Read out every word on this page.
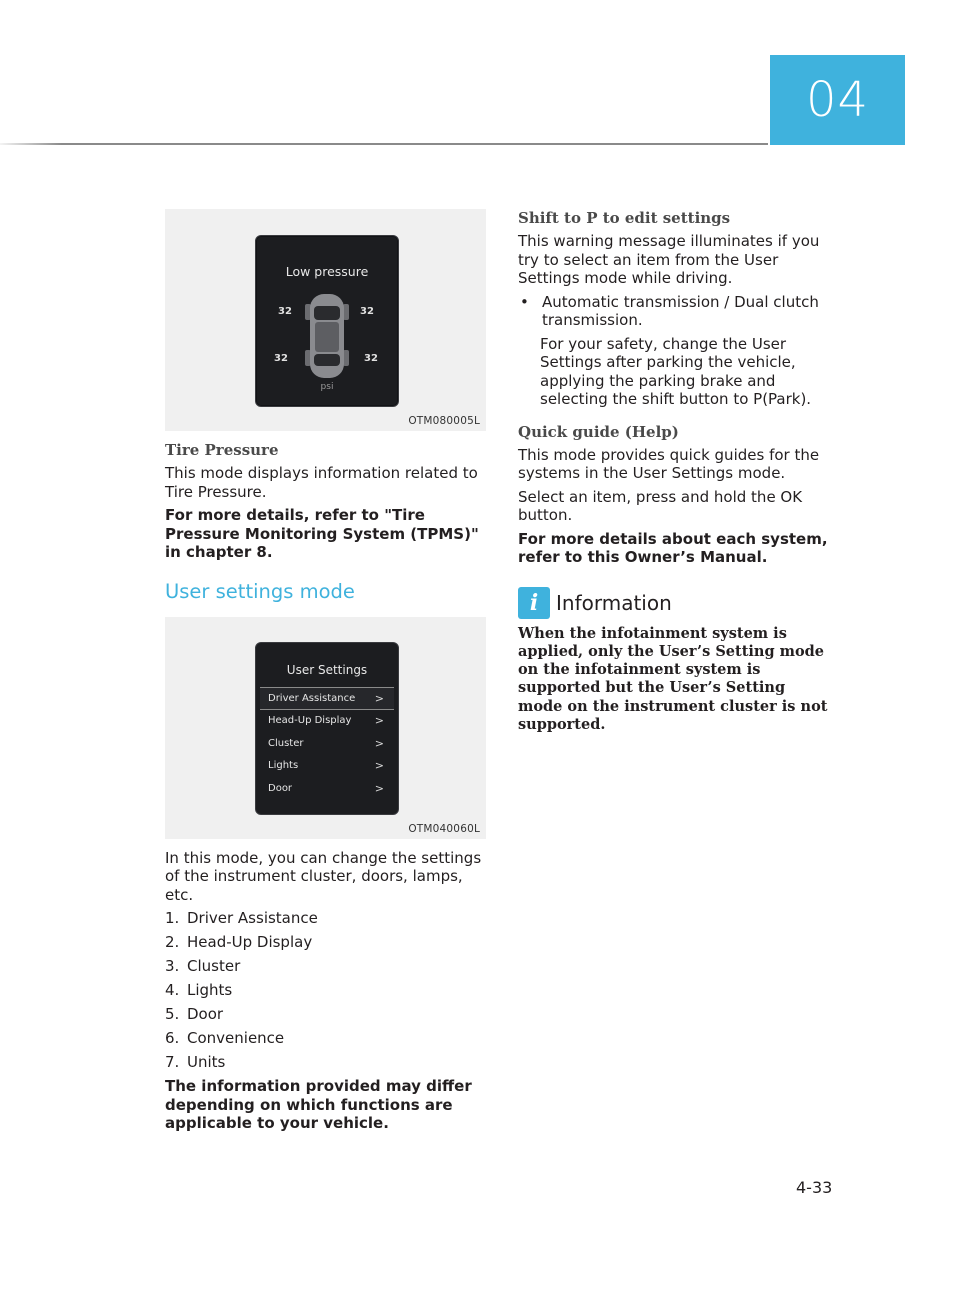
04
Low pressure
32	32
32	32
psi
OTM080005L
Tire Pressure

This mode displays information related to Tire Pressure.

For more details, refer to "Tire Pressure Monitoring System (TPMS)" in chapter 8.

User settings mode
User Settings
Driver Assistance >
Head-Up Display >
Cluster	>
Lights	>
Door	>
OTM040060L

In this mode, you can change the settings of the instrument cluster, doors, lamps, etc.

1. Driver Assistance
2. Head-Up Display
3. Cluster
4. Lights
5. Door
6. Convenience
7. Units

The information provided may differ depending on which functions are applicable to your vehicle.

Shift to P to edit settings

This warning message illuminates if you try to select an item from the User Settings mode while driving.

• Automatic transmission / Dual clutch transmission.

For your safety, change the User Settings after parking the vehicle, applying the parking brake and selecting the shift button to P(Park).

Quick guide (Help)

This mode provides quick guides for the systems in the User Settings mode.

Select an item, press and hold the OK button.

For more details about each system, refer to this Owner’s Manual.

i Information

When the infotainment system is applied, only the User’s Setting mode on the infotainment system is supported but the User’s Setting mode on the instrument cluster is not supported.

4-33
